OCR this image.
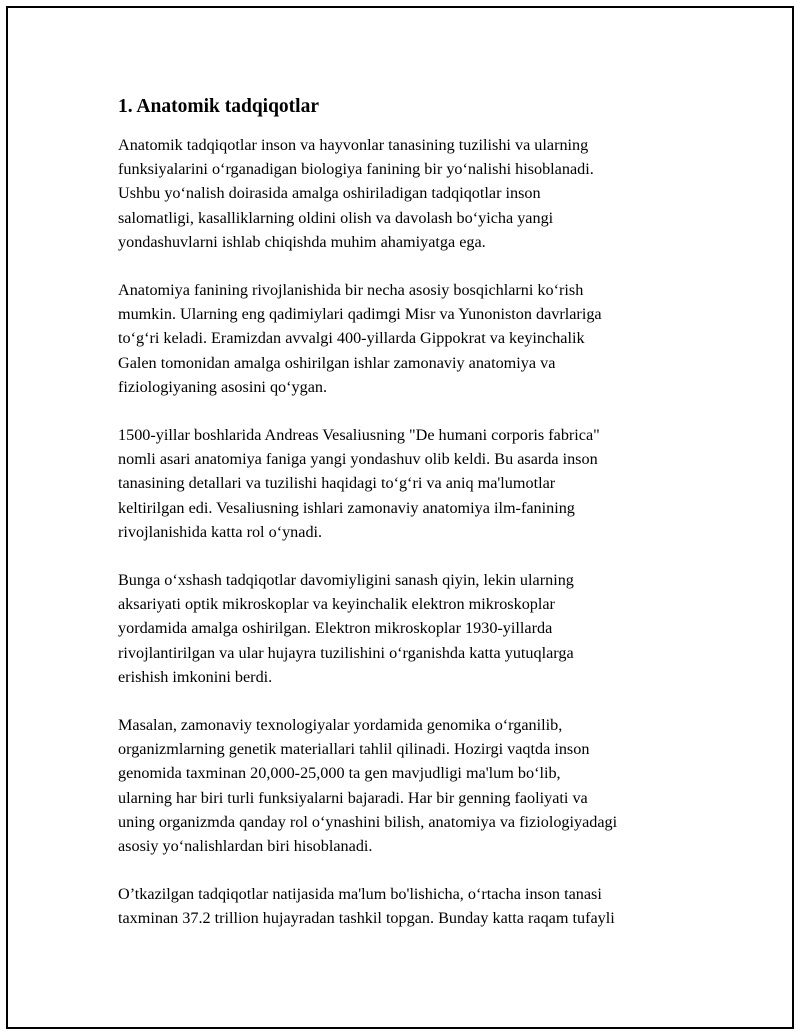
1. Anatomik tadqiqotlar

Anatomik tadqiqotlar inson va hayvonlar tanasining tuzilishi va ularning
funksiyalarini o‘rganadigan biologiya fanining bir yo‘nalishi hisoblanadi.
Ushbu yo‘nalish doirasida amalga oshiriladigan tadqiqotlar inson
salomatligi, kasalliklarning oldini olish va davolash bo‘yicha yangi
yondashuvlarni ishlab chiqishda muhim ahamiyatga ega.

Anatomiya fanining rivojlanishida bir necha asosiy bosqichlarni ko‘rish
mumkin. Ularning eng qadimiylari qadimgi Misr va Yunoniston davrlariga
to‘g‘ri keladi. Eramizdan avvalgi 400-yillarda Gippokrat va keyinchalik
Galen tomonidan amalga oshirilgan ishlar zamonaviy anatomiya va
fiziologiyaning asosini qo‘ygan.

1500-yillar boshlarida Andreas Vesaliusning "De humani corporis fabrica"
nomli asari anatomiya faniga yangi yondashuv olib keldi. Bu asarda inson
tanasining detallari va tuzilishi haqidagi to‘g‘ri va aniq ma'lumotlar
keltirilgan edi. Vesaliusning ishlari zamonaviy anatomiya ilm-fanining
rivojlanishida katta rol o‘ynadi.

Bunga o‘xshash tadqiqotlar davomiyligini sanash qiyin, lekin ularning
aksariyati optik mikroskoplar va keyinchalik elektron mikroskoplar
yordamida amalga oshirilgan. Elektron mikroskoplar 1930-yillarda
rivojlantirilgan va ular hujayra tuzilishini o‘rganishda katta yutuqlarga
erishish imkonini berdi.

Masalan, zamonaviy texnologiyalar yordamida genomika o‘rganilib,
organizmlarning genetik materiallari tahlil qilinadi. Hozirgi vaqtda inson
genomida taxminan 20,000-25,000 ta gen mavjudligi ma'lum bo‘lib,
ularning har biri turli funksiyalarni bajaradi. Har bir genning faoliyati va
uning organizmda qanday rol o‘ynashini bilish, anatomiya va fiziologiyadagi
asosiy yo‘nalishlardan biri hisoblanadi.

O’tkazilgan tadqiqotlar natijasida ma'lum bo'lishicha, o‘rtacha inson tanasi
taxminan 37.2 trillion hujayradan tashkil topgan. Bunday katta raqam tufayli
